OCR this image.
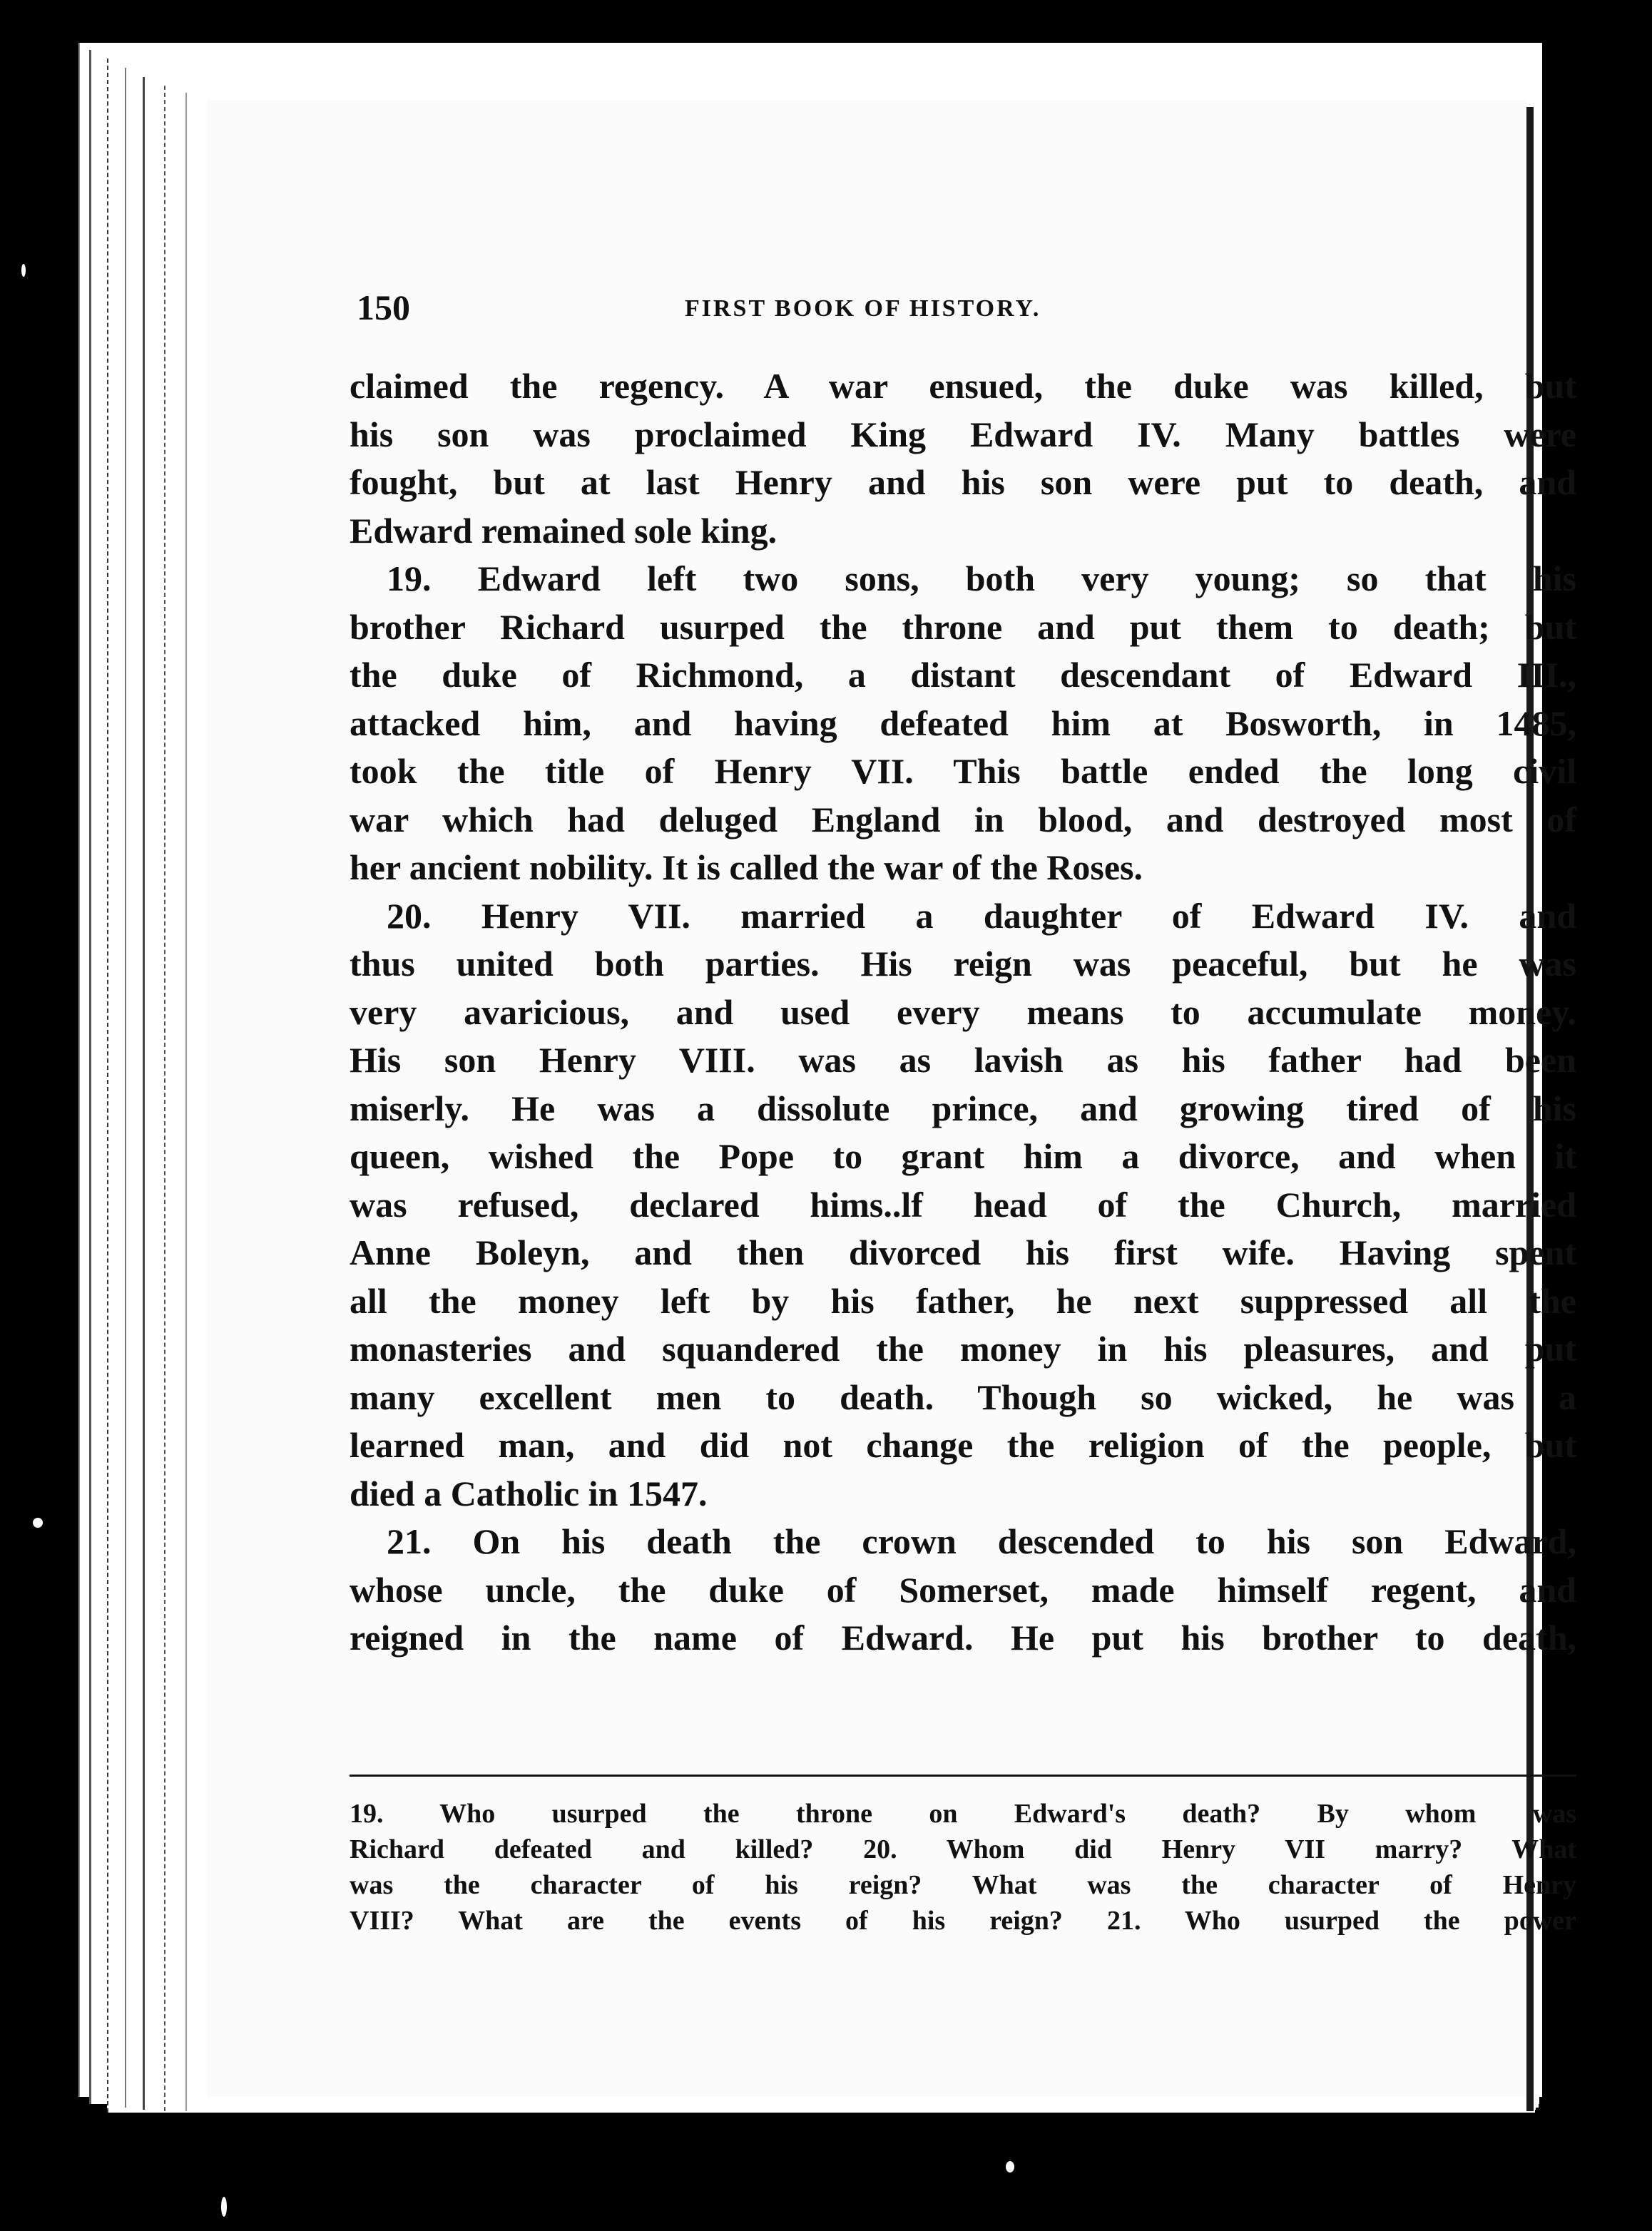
150	FIRST BOOK OF HISTORY.
claimed the regency. A war ensued, the duke was killed, but
his son was proclaimed King Edward IV. Many battles were
fought, but at last Henry and his son were put to death, and
Edward remained sole king.
19. Edward left two sons, both very young; so that his
brother Richard usurped the throne and put them to death; but
the duke of Richmond, a distant descendant of Edward III.,
attacked him, and having defeated him at Bosworth, in 1485,
took the title of Henry VII. This battle ended the long civil
war which had deluged England in blood, and destroyed most of
her ancient nobility. It is called the war of the Roses.
20. Henry VII. married a daughter of Edward IV. and
thus united both parties. His reign was peaceful, but he was
very avaricious, and used every means to accumulate money.
His son Henry VIII. was as lavish as his father had been
miserly. He was a dissolute prince, and growing tired of his
queen, wished the Pope to grant him a divorce, and when it
was refused, declared hims..lf head of the Church, married
Anne Boleyn, and then divorced his first wife. Having spent
all the money left by his father, he next suppressed all the
monasteries and squandered the money in his pleasures, and put
many excellent men to death. Though so wicked, he was a
learned man, and did not change the religion of the people, but
died a Catholic in 1547.
21. On his death the crown descended to his son Edward,
whose uncle, the duke of Somerset, made himself regent, and
reigned in the name of Edward. He put his brother to death,
19. Who usurped the throne on Edward's death? By whom was
Richard defeated and killed? 20. Whom did Henry VII marry? What
was the character of his reign? What was the character of Henry
VIII? What are the events of his reign? 21. Who usurped the power
